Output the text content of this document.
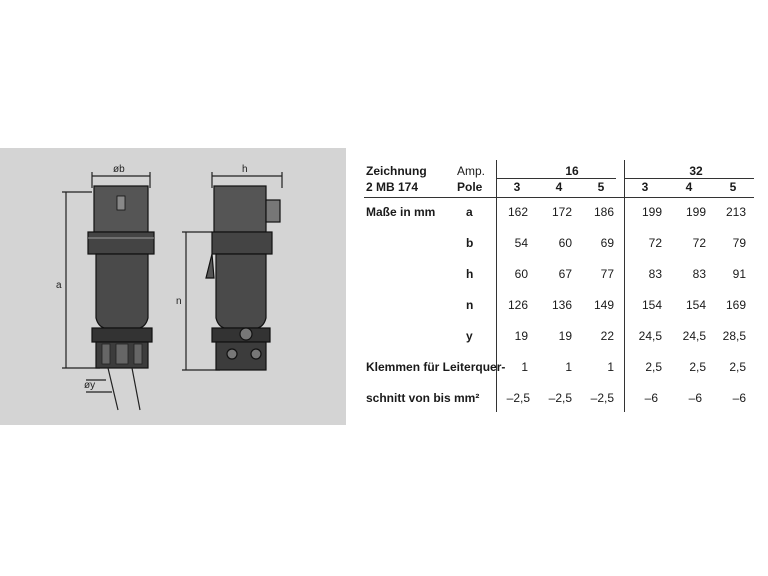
øb	h
a
n
øy
Zeichnung
2 MB 174
Amp.
Pole
16	32
3	4	5	3	4	5
Maße in mm	a	162	172	186	199	199	213
b	54	60	69	72	72	79
h	60	67	77	83	83	91
n	126	136	149	154	154	169
y	19	19	22	24,5	24,5	28,5
Klemmen für Leiterquer-	1	1	1	2,5	2,5	2,5
schnitt von bis mm²	–2,5	–2,5	–2,5	–6	–6	–6
